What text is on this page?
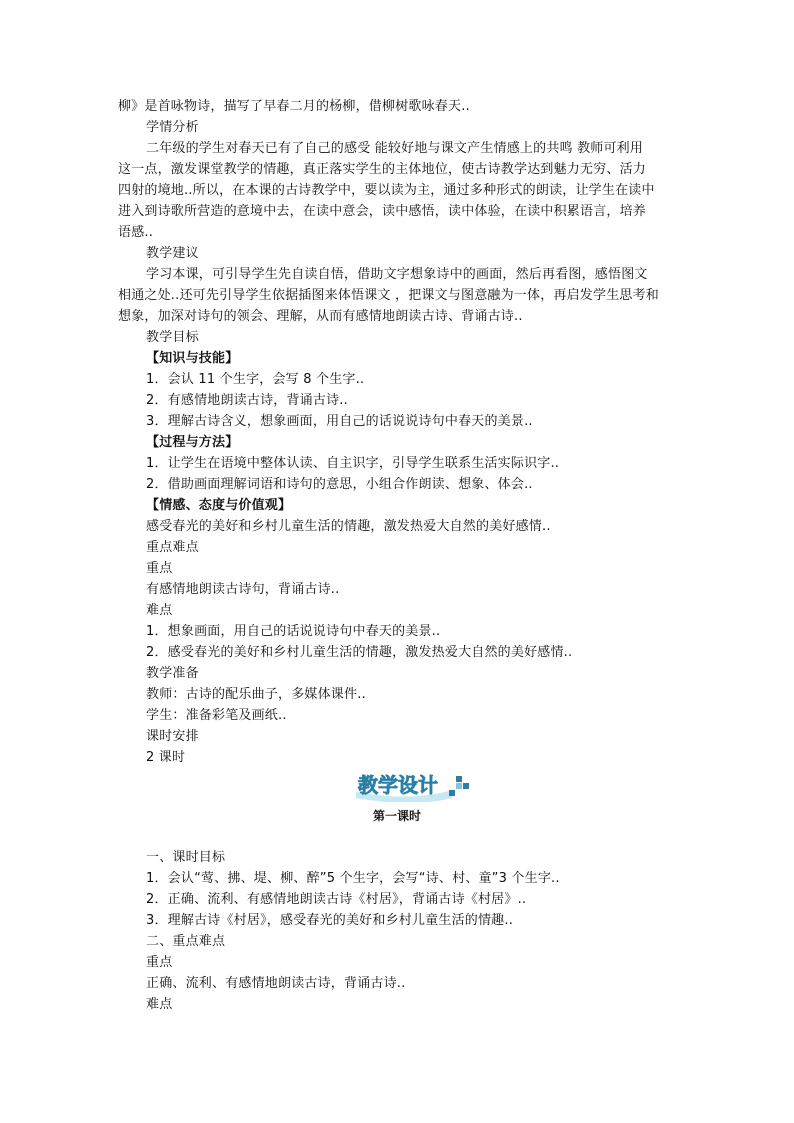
柳》是首咏物诗，描写了早春二月的杨柳，借柳树歌咏春天..
学情分析
二年级的学生对春天已有了自己的感受 能较好地与课文产生情感上的共鸣 教师可利用
这一点，激发课堂教学的情趣，真正落实学生的主体地位，使古诗教学达到魅力无穷、活力
四射的境地..所以，在本课的古诗教学中，要以读为主，通过多种形式的朗读，让学生在读中
进入到诗歌所营造的意境中去，在读中意会，读中感悟，读中体验，在读中积累语言，培养
语感..
教学建议
学习本课，可引导学生先自读自悟，借助文字想象诗中的画面，然后再看图，感悟图文
相通之处..还可先引导学生依据插图来体悟课文 ，把课文与图意融为一体，再启发学生思考和
想象，加深对诗句的领会、理解，从而有感情地朗读古诗、背诵古诗..
教学目标
【知识与技能】
1．会认 11 个生字，会写 8 个生字..
2．有感情地朗读古诗，背诵古诗..
3．理解古诗含义，想象画面，用自己的话说说诗句中春天的美景..
【过程与方法】
1．让学生在语境中整体认读、自主识字，引导学生联系生活实际识字..
2．借助画面理解词语和诗句的意思，小组合作朗读、想象、体会..
【情感、态度与价值观】
感受春光的美好和乡村儿童生活的情趣，激发热爱大自然的美好感情..
重点难点
重点
有感情地朗读古诗句，背诵古诗..
难点
1．想象画面，用自己的话说说诗句中春天的美景..
2．感受春光的美好和乡村儿童生活的情趣，激发热爱大自然的美好感情..
教学准备
教师：古诗的配乐曲子，多媒体课件..
学生：准备彩笔及画纸..
课时安排
2 课时
教学设计
第一课时
一、课时目标
1．会认“莺、拂、堤、柳、醉”5 个生字，会写“诗、村、童”3 个生字..
2．正确、流利、有感情地朗读古诗《村居》，背诵古诗《村居》..
3．理解古诗《村居》，感受春光的美好和乡村儿童生活的情趣..
二、重点难点
重点
正确、流利、有感情地朗读古诗，背诵古诗..
难点
